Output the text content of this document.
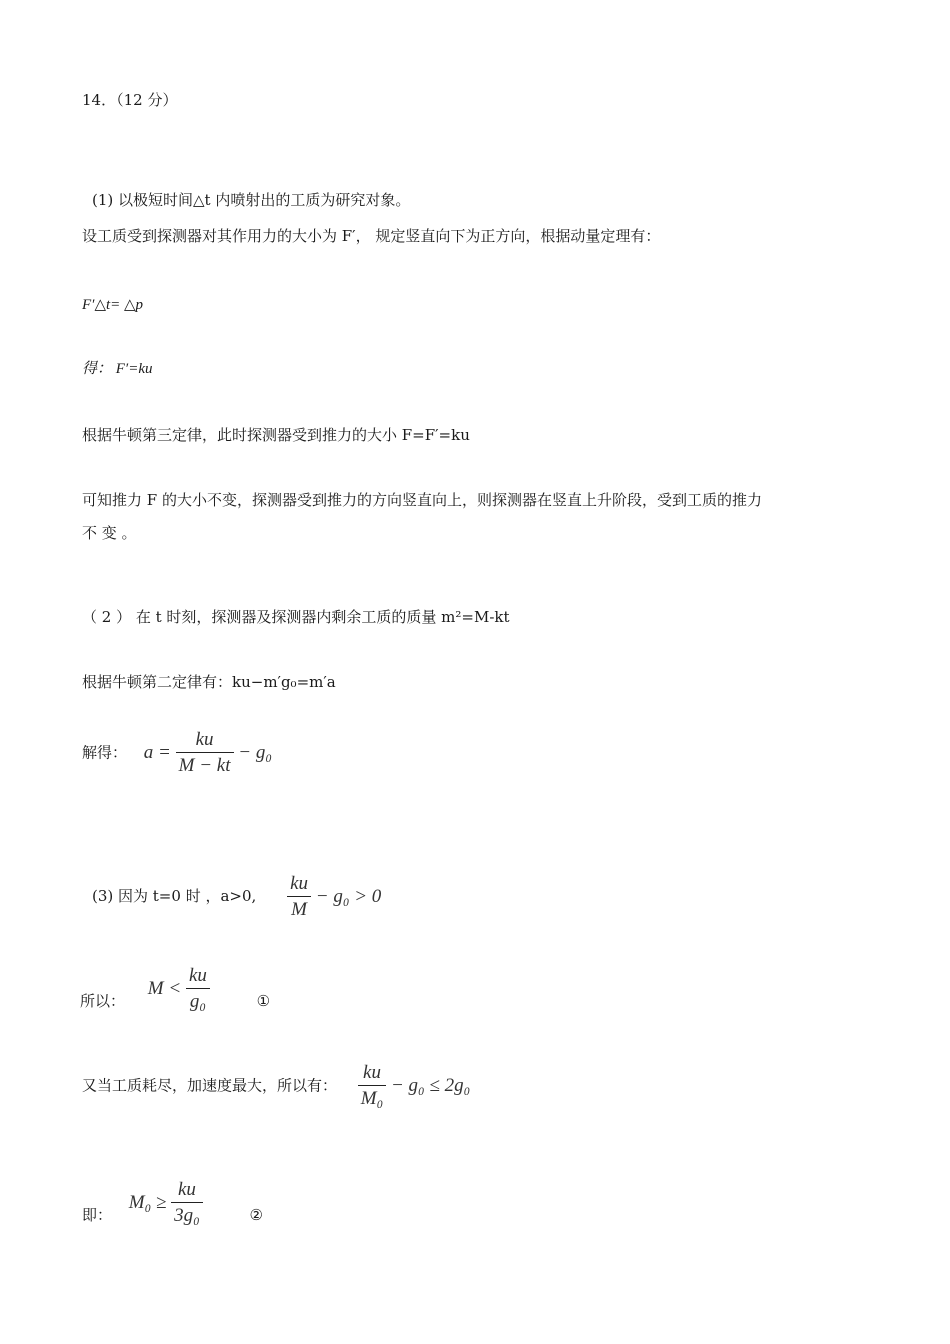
14．（12 分）
(1) 以极短时间△t 内喷射出的工质为研究对象。
设工质受到探测器对其作用力的大小为 F′， 规定竖直向下为正方向，根据动量定理有：
F′△t= △p
得： F′=ku
根据牛顿第三定律，此时探测器受到推力的大小 F=F′=ku
可知推力 F 的大小不变，探测器受到推力的方向竖直向上，则探测器在竖直上升阶段，受到工质的推力
不 变 。
（ 2 ） 在 t 时刻，探测器及探测器内剩余工质的质量 m²=M-kt
根据牛顿第二定律有：ku−m′g₀=m′a
解得： $a = \frac{ku}{M - kt} - g_0$
(3) 因为 t=0 时 ，a>0, $\frac{ku}{M} - g_0 > 0$
所以： $M < \frac{ku}{\text{g₀}}$	①
又当工质耗尽，加速度最大，所以有： $\frac{ku}{\text{M₀}} - g_0 \le 2g_0$
即： $M_0 \ge \frac{ku}{\text{3g₀}}$	②
